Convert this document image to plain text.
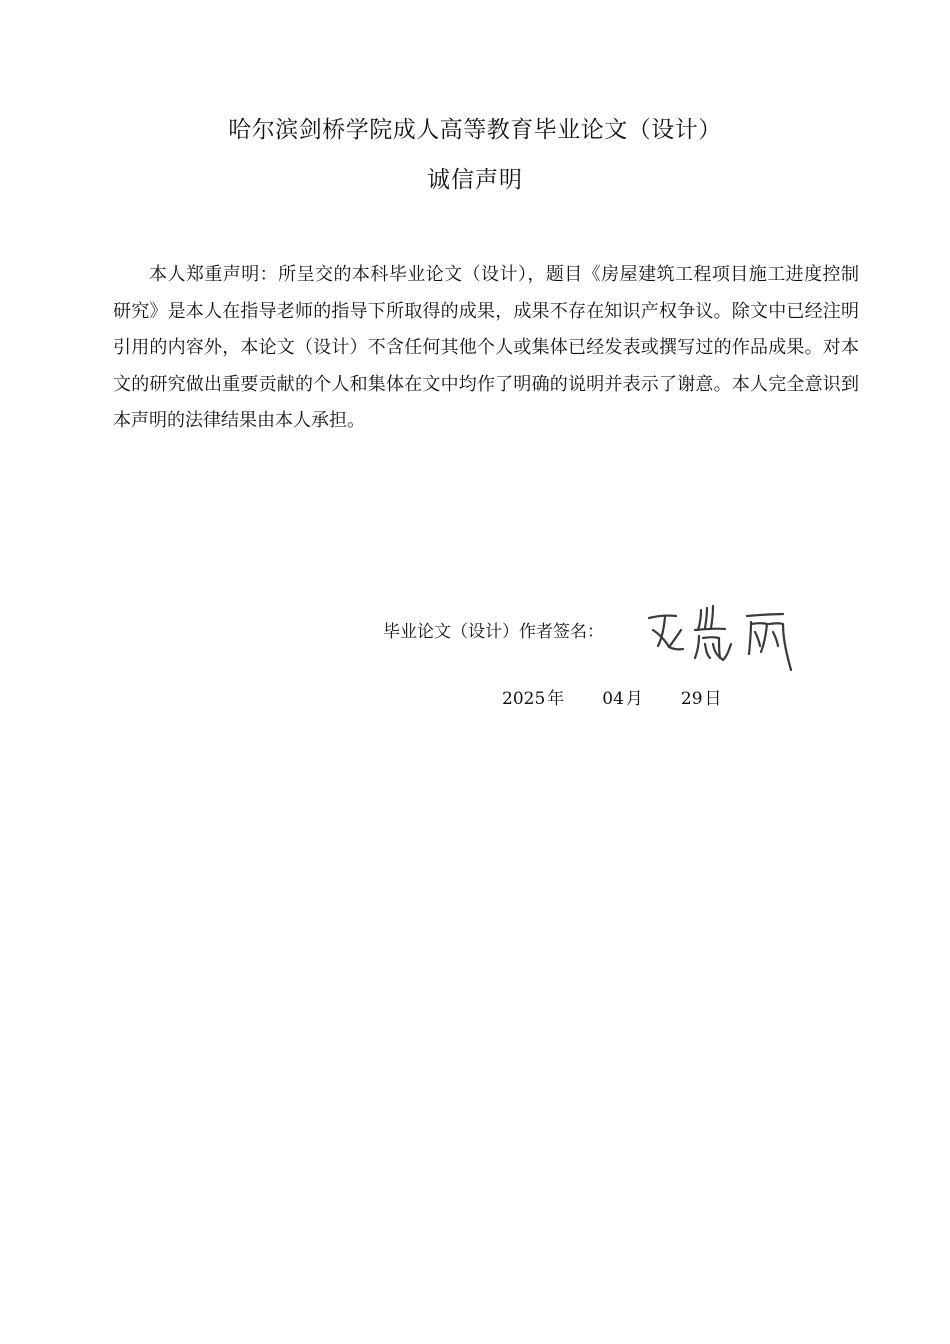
哈尔滨剑桥学院成人高等教育毕业论文（设计）
诚信声明

本人郑重声明：所呈交的本科毕业论文（设计），题目《房屋建筑工程项目施工进度控制研究》是本人在指导老师的指导下所取得的成果，成果不存在知识产权争议。除文中已经注明引用的内容外，本论文（设计）不含任何其他个人或集体已经发表或撰写过的作品成果。对本文的研究做出重要贡献的个人和集体在文中均作了明确的说明并表示了谢意。本人完全意识到本声明的法律结果由本人承担。

毕业论文（设计）作者签名：
2025 年 04 月 29 日
